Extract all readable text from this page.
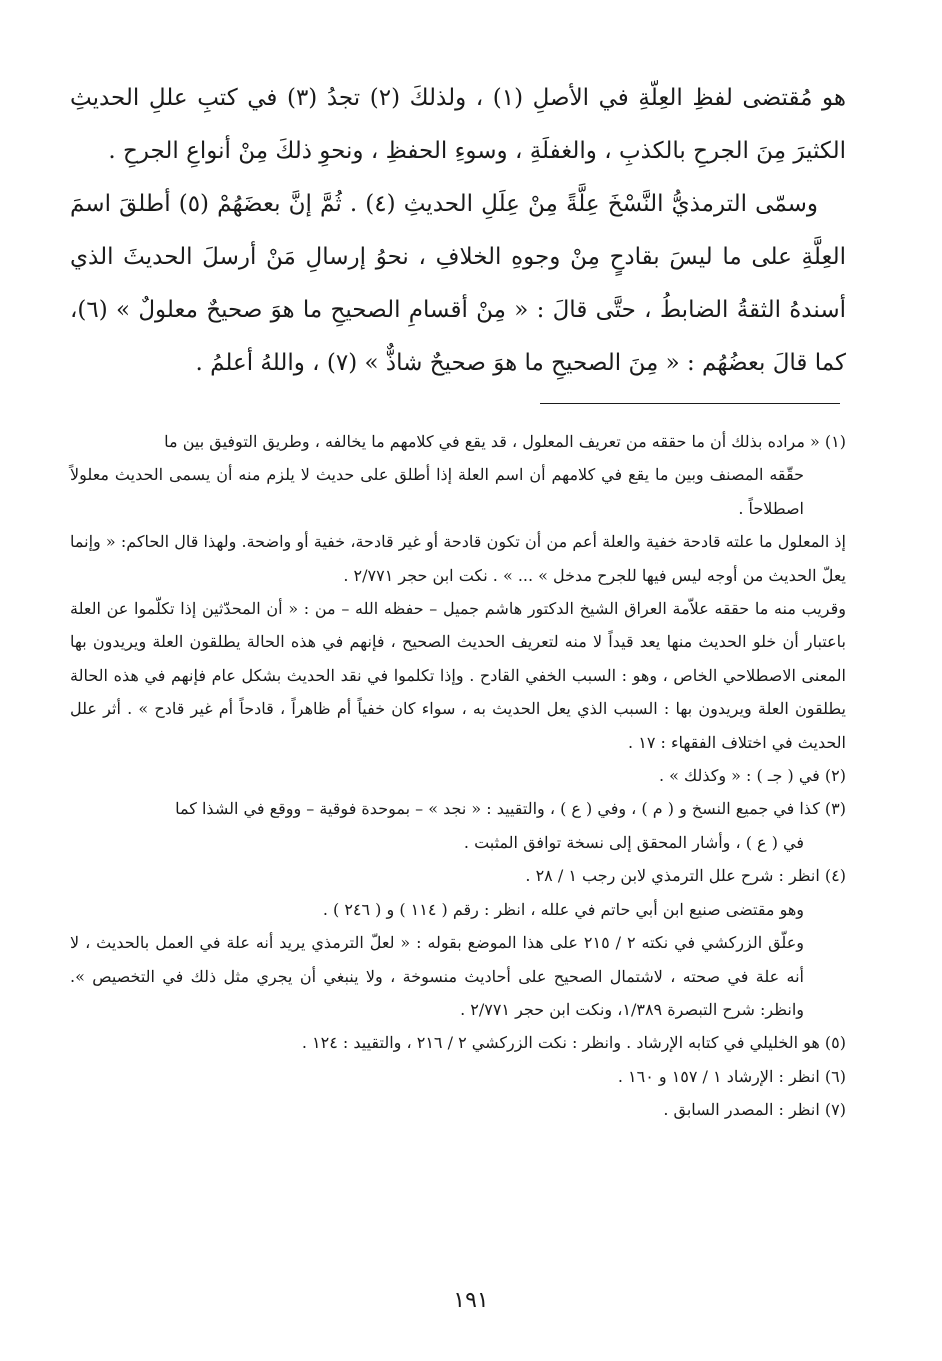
هو مُقتضى لفظِ العِلّةِ في الأصلِ (١) ، ولذلكَ (٢) تجدُ (٣) في كتبِ عللِ الحديثِ الكثيرَ مِنَ الجرحِ بالكذبِ ، والغفلَةِ ، وسوءِ الحفظِ ، ونحوِ ذلكَ مِنْ أنواعِ الجرحِ .

وسمّى الترمذيُّ النَّسْخَ عِلَّةً مِنْ عِلَلِ الحديثِ (٤) . ثُمَّ إنَّ بعضَهُمْ (٥) أطلقَ اسمَ العِلَّةِ على ما ليسَ بقادحٍ مِنْ وجوهِ الخلافِ ، نحوُ إرسالِ مَنْ أرسلَ الحديثَ الذي أسندهُ الثقةُ الضابطُ ، حتَّى قالَ : « مِنْ أقسامِ الصحيحِ ما هوَ صحيحٌ معلولٌ » (٦)، كما قالَ بعضُهُم : « مِنَ الصحيحِ ما هوَ صحيحٌ شاذٌّ » (٧) ، واللهُ أعلمُ .

(١) « مراده بذلك أن ما حققه من تعريف المعلول ، قد يقع في كلامهم ما يخالفه ، وطريق التوفيق بين ما

حقّقه المصنف وبين ما يقع في كلامهم أن اسم العلة إذا أطلق على حديث لا يلزم منه أن يسمى الحديث معلولاً اصطلاحاً .

إذ المعلول ما علته قادحة خفية والعلة أعم من أن تكون قادحة أو غير قادحة، خفية أو واضحة. ولهذا قال الحاكم: « وإنما يعلّ الحديث من أوجه ليس فيها للجرح مدخل » ... » . نكت ابن حجر ٢/٧٧١ .

وقريب منه ما حققه علاّمة العراق الشيخ الدكتور هاشم جميل – حفظه الله – من : « أن المحدّثين إذا تكلّموا عن العلة باعتبار أن خلو الحديث منها يعد قيداً لا منه لتعريف الحديث الصحيح ، فإنهم في هذه الحالة يطلقون العلة ويريدون بها المعنى الاصطلاحي الخاص ، وهو : السبب الخفي القادح . وإذا تكلموا في نقد الحديث بشكل عام فإنهم في هذه الحالة يطلقون العلة ويريدون بها : السبب الذي يعل الحديث به ، سواء كان خفياً أم ظاهراً ، قادحاً أم غير قادح » . أثر علل الحديث في اختلاف الفقهاء : ١٧ .

(٢) في ( جـ ) : « وكذلك » .

(٣) كذا في جميع النسخ و ( م ) ، وفي ( ع ) ، والتقييد : « نجد » – بموحدة فوقية – ووقع في الشذا كما

في ( ع ) ، وأشار المحقق إلى نسخة توافق المثبت .

(٤) انظر : شرح علل الترمذي لابن رجب ١ / ٢٨ .

وهو مقتضى صنيع ابن أبي حاتم في علله ، انظر : رقم ( ١١٤ ) و ( ٢٤٦ ) .

وعلّق الزركشي في نكته ٢ / ٢١٥ على هذا الموضع بقوله : « لعلّ الترمذي يريد أنه علة في العمل بالحديث ، لا أنه علة في صحته ، لاشتمال الصحيح على أحاديث منسوخة ، ولا ينبغي أن يجري مثل ذلك في التخصيص ». وانظر: شرح التبصرة ١/٣٨٩، ونكت ابن حجر ٢/٧٧١ .

(٥) هو الخليلي في كتابه الإرشاد . وانظر : نكت الزركشي ٢ / ٢١٦ ، والتقييد : ١٢٤ .

(٦) انظر : الإرشاد ١ / ١٥٧ و ١٦٠ .

(٧) انظر : المصدر السابق .

١٩١
